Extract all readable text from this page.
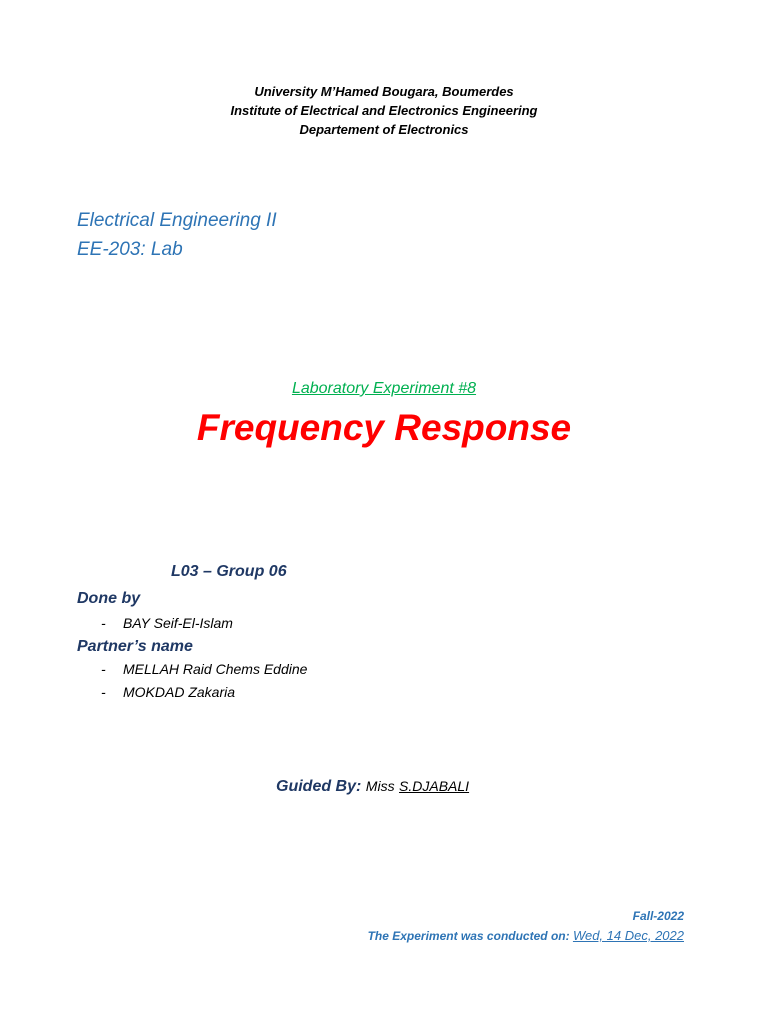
University M’Hamed Bougara, Boumerdes
Institute of Electrical and Electronics Engineering
Departement of Electronics
Electrical Engineering II
EE-203: Lab
Laboratory Experiment #8
Frequency Response
L03 – Group 06
Done by
- BAY Seif-El-Islam
Partner’s name
- MELLAH Raid Chems Eddine
- MOKDAD Zakaria
Guided By: Miss S.DJABALI
Fall-2022
The Experiment was conducted on: Wed, 14 Dec, 2022
